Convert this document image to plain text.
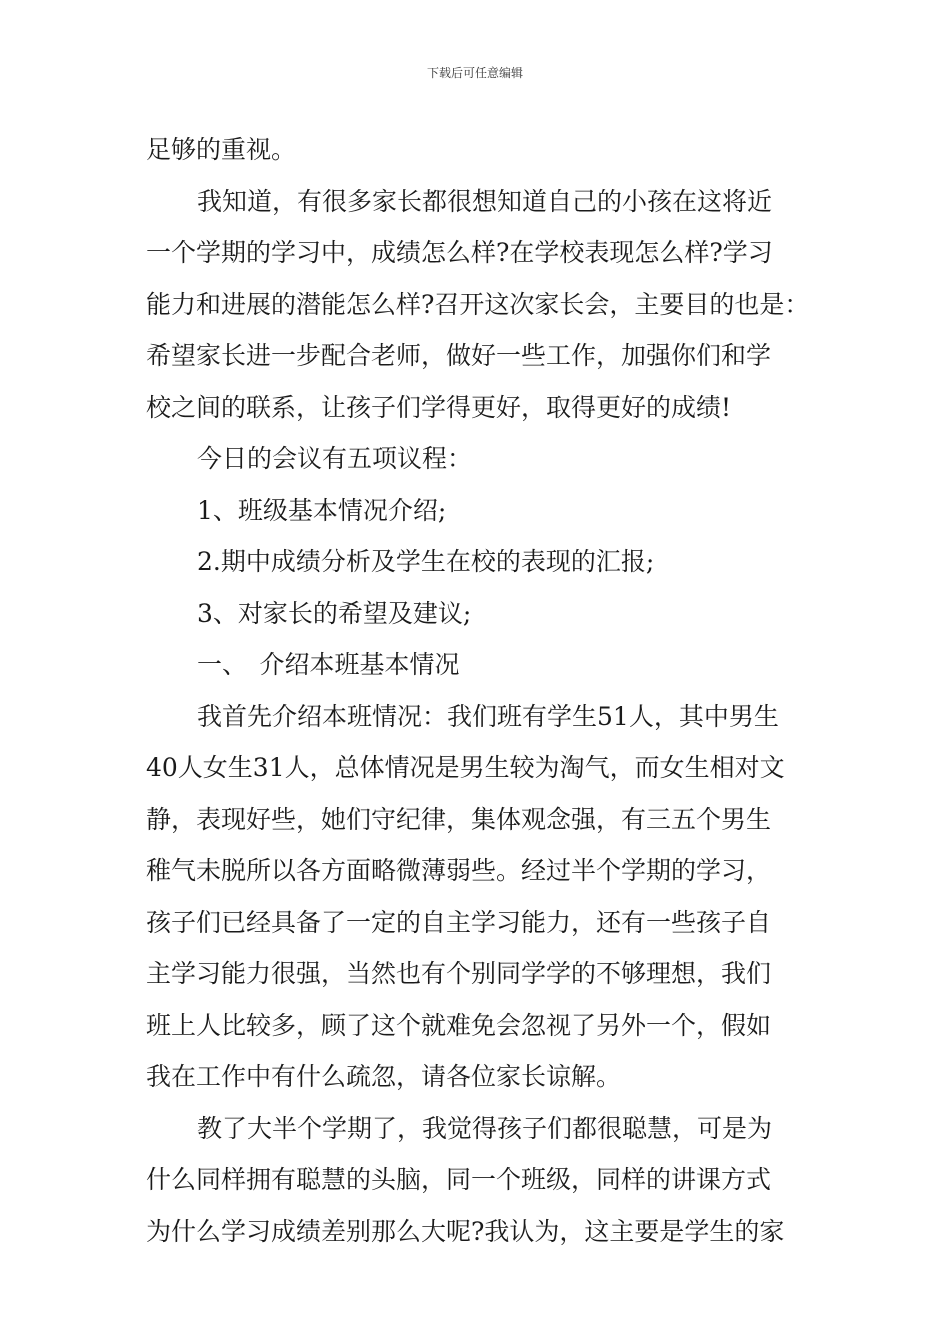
下载后可任意编辑
足够的重视。
我知道，有很多家长都很想知道自己的小孩在这将近
一个学期的学习中，成绩怎么样?在学校表现怎么样?学习
能力和进展的潜能怎么样?召开这次家长会，主要目的也是：
希望家长进一步配合老师，做好一些工作，加强你们和学
校之间的联系，让孩子们学得更好，取得更好的成绩!
今日的会议有五项议程：
1、班级基本情况介绍;
2.期中成绩分析及学生在校的表现的汇报;
3、对家长的希望及建议;
一、　介绍本班基本情况
我首先介绍本班情况：我们班有学生51人，其中男生
40人女生31人，总体情况是男生较为淘气，而女生相对文
静，表现好些，她们守纪律，集体观念强，有三五个男生
稚气未脱所以各方面略微薄弱些。经过半个学期的学习，
孩子们已经具备了一定的自主学习能力，还有一些孩子自
主学习能力很强，当然也有个别同学学的不够理想，我们
班上人比较多，顾了这个就难免会忽视了另外一个，假如
我在工作中有什么疏忽，请各位家长谅解。
教了大半个学期了，我觉得孩子们都很聪慧，可是为
什么同样拥有聪慧的头脑，同一个班级，同样的讲课方式
为什么学习成绩差别那么大呢?我认为，这主要是学生的家
